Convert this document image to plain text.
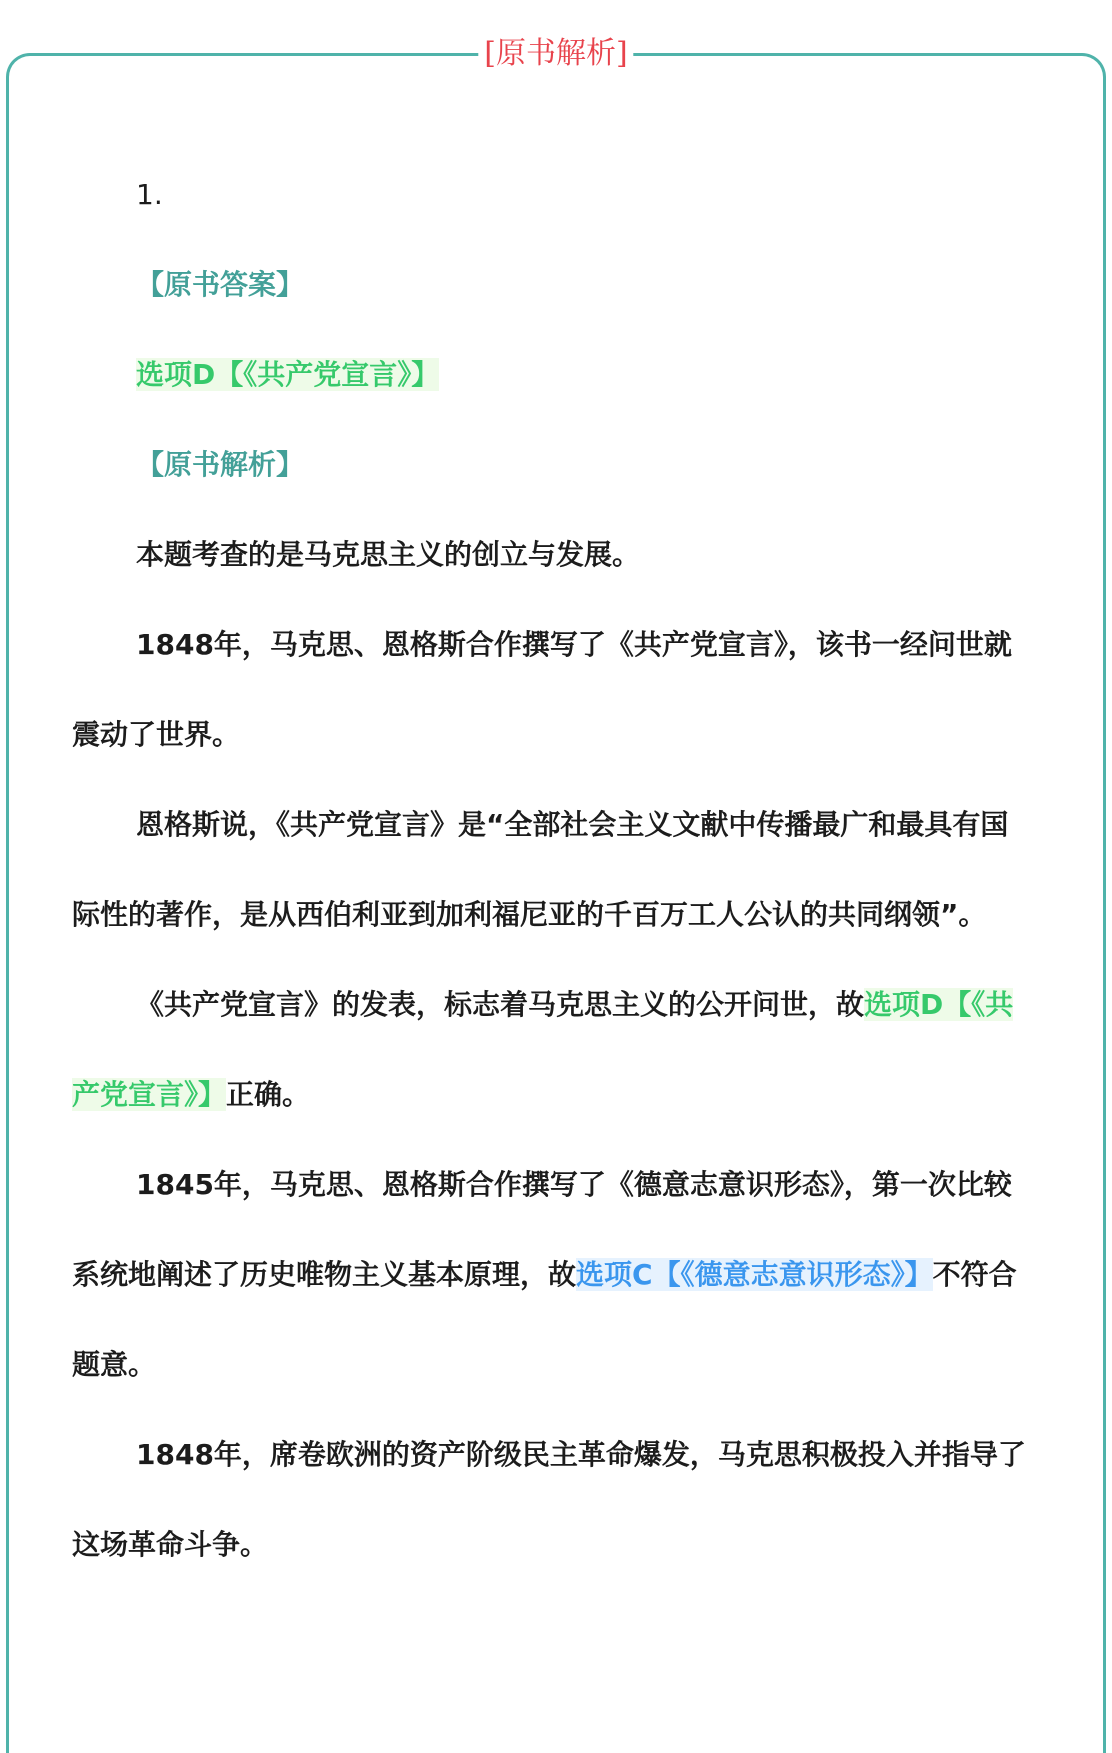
[原书解析]

1.

【原书答案】

选项D【《共产党宣言》】

【原书解析】

本题考查的是马克思主义的创立与发展。

1848年，马克思、恩格斯合作撰写了《共产党宣言》，该书一经问世就震动了世界。

恩格斯说，《共产党宣言》是“全部社会主义文献中传播最广和最具有国际性的著作，是从西伯利亚到加利福尼亚的千百万工人公认的共同纲领”。

《共产党宣言》的发表，标志着马克思主义的公开问世，故选项D【《共产党宣言》】正确。

1845年，马克思、恩格斯合作撰写了《德意志意识形态》，第一次比较系统地阐述了历史唯物主义基本原理，故选项C【《德意志意识形态》】不符合题意。

1848年，席卷欧洲的资产阶级民主革命爆发，马克思积极投入并指导了这场革命斗争。
